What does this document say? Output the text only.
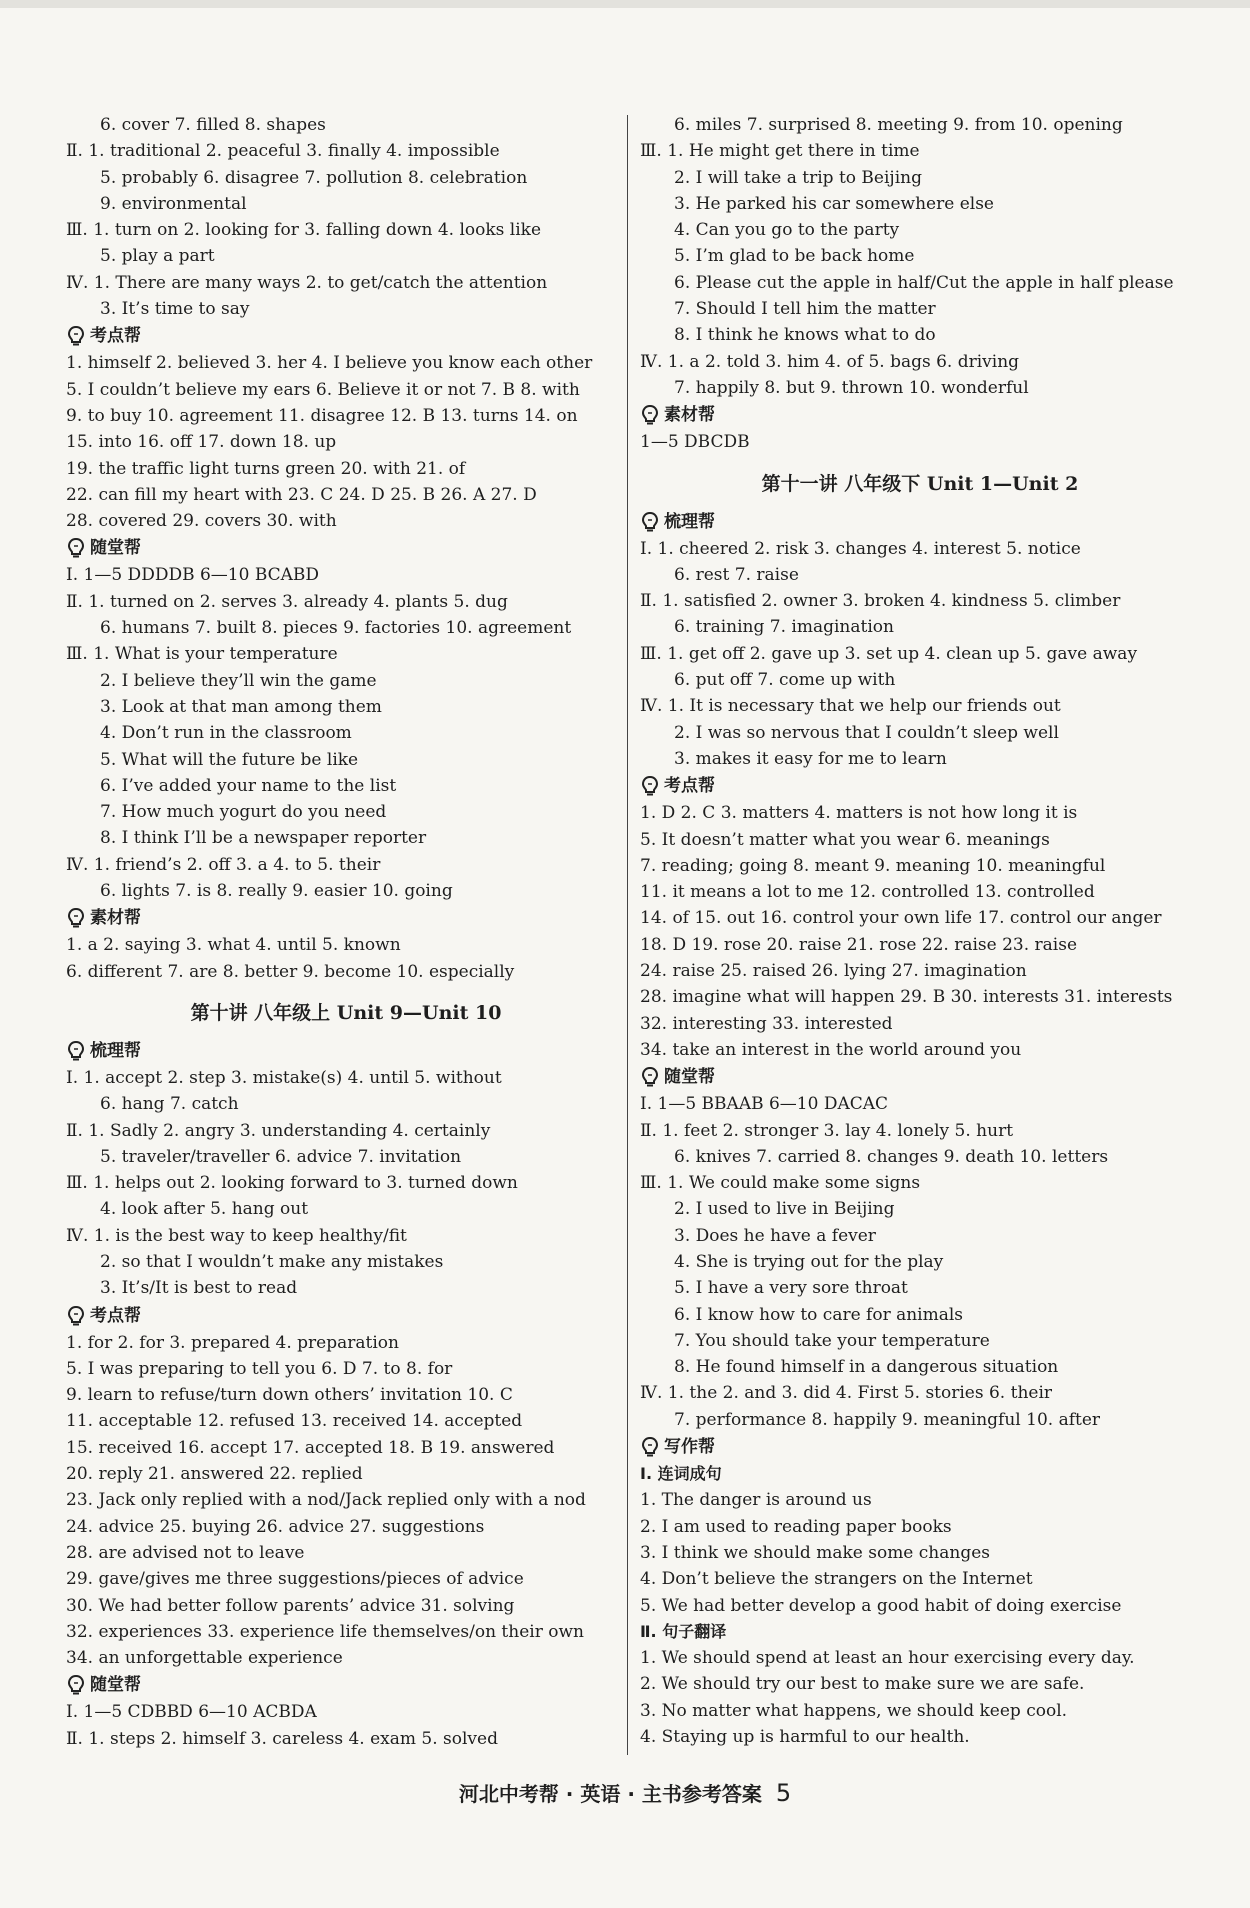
6. cover 7. filled 8. shapes
Ⅱ. 1. traditional 2. peaceful 3. finally 4. impossible
5. probably 6. disagree 7. pollution 8. celebration
9. environmental
Ⅲ. 1. turn on 2. looking for 3. falling down 4. looks like
5. play a part
Ⅳ. 1. There are many ways 2. to get/catch the attention
3. It’s time to say
考点帮
1. himself 2. believed 3. her 4. I believe you know each other
5. I couldn’t believe my ears 6. Believe it or not 7. B 8. with
9. to buy 10. agreement 11. disagree 12. B 13. turns 14. on
15. into 16. off 17. down 18. up
19. the traffic light turns green 20. with 21. of
22. can fill my heart with 23. C 24. D 25. B 26. A 27. D
28. covered 29. covers 30. with
随堂帮
Ⅰ. 1—5 DDDDB 6—10 BCABD
Ⅱ. 1. turned on 2. serves 3. already 4. plants 5. dug
6. humans 7. built 8. pieces 9. factories 10. agreement
Ⅲ. 1. What is your temperature
2. I believe they’ll win the game
3. Look at that man among them
4. Don’t run in the classroom
5. What will the future be like
6. I’ve added your name to the list
7. How much yogurt do you need
8. I think I’ll be a newspaper reporter
Ⅳ. 1. friend’s 2. off 3. a 4. to 5. their
6. lights 7. is 8. really 9. easier 10. going
素材帮
1. a 2. saying 3. what 4. until 5. known
6. different 7. are 8. better 9. become 10. especially
第十讲 八年级上 Unit 9—Unit 10
梳理帮
Ⅰ. 1. accept 2. step 3. mistake(s) 4. until 5. without
6. hang 7. catch
Ⅱ. 1. Sadly 2. angry 3. understanding 4. certainly
5. traveler/traveller 6. advice 7. invitation
Ⅲ. 1. helps out 2. looking forward to 3. turned down
4. look after 5. hang out
Ⅳ. 1. is the best way to keep healthy/fit
2. so that I wouldn’t make any mistakes
3. It’s/It is best to read
考点帮
1. for 2. for 3. prepared 4. preparation
5. I was preparing to tell you 6. D 7. to 8. for
9. learn to refuse/turn down others’ invitation 10. C
11. acceptable 12. refused 13. received 14. accepted
15. received 16. accept 17. accepted 18. B 19. answered
20. reply 21. answered 22. replied
23. Jack only replied with a nod/Jack replied only with a nod
24. advice 25. buying 26. advice 27. suggestions
28. are advised not to leave
29. gave/gives me three suggestions/pieces of advice
30. We had better follow parents’ advice 31. solving
32. experiences 33. experience life themselves/on their own
34. an unforgettable experience
随堂帮
Ⅰ. 1—5 CDBBD 6—10 ACBDA
Ⅱ. 1. steps 2. himself 3. careless 4. exam 5. solved
6. miles 7. surprised 8. meeting 9. from 10. opening
Ⅲ. 1. He might get there in time
2. I will take a trip to Beijing
3. He parked his car somewhere else
4. Can you go to the party
5. I’m glad to be back home
6. Please cut the apple in half/Cut the apple in half please
7. Should I tell him the matter
8. I think he knows what to do
Ⅳ. 1. a 2. told 3. him 4. of 5. bags 6. driving
7. happily 8. but 9. thrown 10. wonderful
素材帮
1—5 DBCDB
第十一讲 八年级下 Unit 1—Unit 2
梳理帮
Ⅰ. 1. cheered 2. risk 3. changes 4. interest 5. notice
6. rest 7. raise
Ⅱ. 1. satisfied 2. owner 3. broken 4. kindness 5. climber
6. training 7. imagination
Ⅲ. 1. get off 2. gave up 3. set up 4. clean up 5. gave away
6. put off 7. come up with
Ⅳ. 1. It is necessary that we help our friends out
2. I was so nervous that I couldn’t sleep well
3. makes it easy for me to learn
考点帮
1. D 2. C 3. matters 4. matters is not how long it is
5. It doesn’t matter what you wear 6. meanings
7. reading; going 8. meant 9. meaning 10. meaningful
11. it means a lot to me 12. controlled 13. controlled
14. of 15. out 16. control your own life 17. control our anger
18. D 19. rose 20. raise 21. rose 22. raise 23. raise
24. raise 25. raised 26. lying 27. imagination
28. imagine what will happen 29. B 30. interests 31. interests
32. interesting 33. interested
34. take an interest in the world around you
随堂帮
Ⅰ. 1—5 BBAAB 6—10 DACAC
Ⅱ. 1. feet 2. stronger 3. lay 4. lonely 5. hurt
6. knives 7. carried 8. changes 9. death 10. letters
Ⅲ. 1. We could make some signs
2. I used to live in Beijing
3. Does he have a fever
4. She is trying out for the play
5. I have a very sore throat
6. I know how to care for animals
7. You should take your temperature
8. He found himself in a dangerous situation
Ⅳ. 1. the 2. and 3. did 4. First 5. stories 6. their
7. performance 8. happily 9. meaningful 10. after
写作帮
Ⅰ. 连词成句
1. The danger is around us
2. I am used to reading paper books
3. I think we should make some changes
4. Don’t believe the strangers on the Internet
5. We had better develop a good habit of doing exercise
Ⅱ. 句子翻译
1. We should spend at least an hour exercising every day.
2. We should try our best to make sure we are safe.
3. No matter what happens, we should keep cool.
4. Staying up is harmful to our health.
河北中考帮 · 英语 · 主书参考答案 5
